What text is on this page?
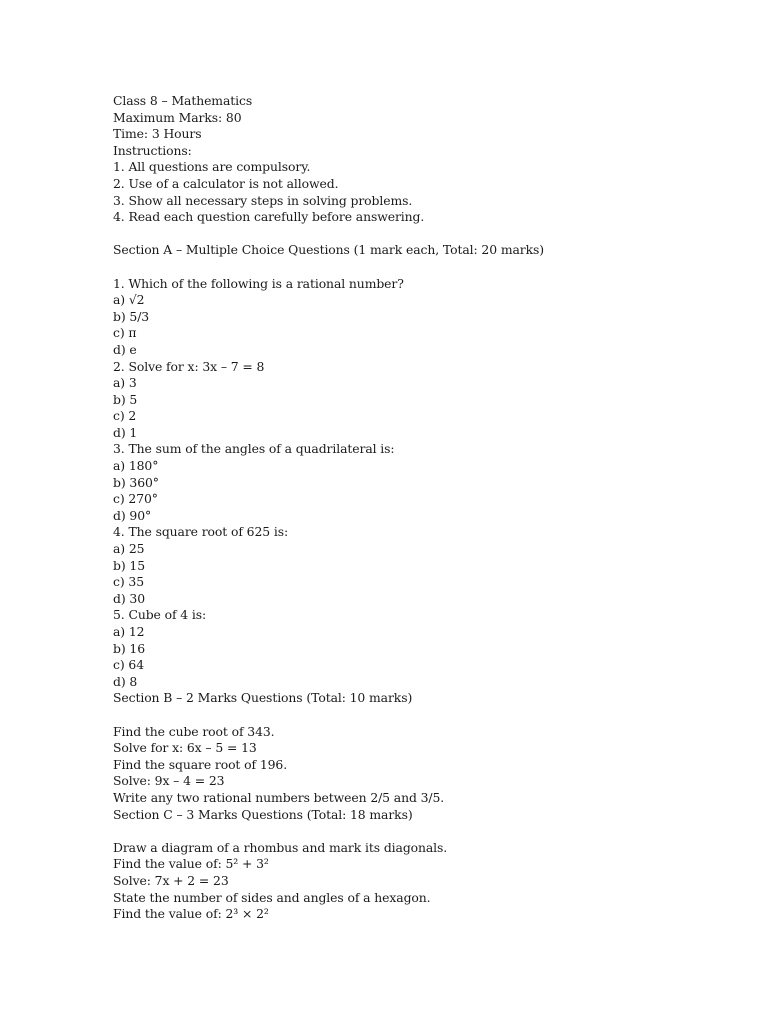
Class 8 – Mathematics
Maximum Marks: 80
Time: 3 Hours
Instructions:
1. All questions are compulsory.
2. Use of a calculator is not allowed.
3. Show all necessary steps in solving problems.
4. Read each question carefully before answering.
Section A – Multiple Choice Questions (1 mark each, Total: 20 marks)
1. Which of the following is a rational number?
a) √2
b) 5/3
c) π
d) e
2. Solve for x: 3x – 7 = 8
a) 3
b) 5
c) 2
d) 1
3. The sum of the angles of a quadrilateral is:
a) 180°
b) 360°
c) 270°
d) 90°
4. The square root of 625 is:
a) 25
b) 15
c) 35
d) 30
5. Cube of 4 is:
a) 12
b) 16
c) 64
d) 8
Section B – 2 Marks Questions (Total: 10 marks)
Find the cube root of 343.
Solve for x: 6x – 5 = 13
Find the square root of 196.
Solve: 9x – 4 = 23
Write any two rational numbers between 2/5 and 3/5.
Section C – 3 Marks Questions (Total: 18 marks)
Draw a diagram of a rhombus and mark its diagonals.
Find the value of: 5² + 3²
Solve: 7x + 2 = 23
State the number of sides and angles of a hexagon.
Find the value of: 2³ × 2²
